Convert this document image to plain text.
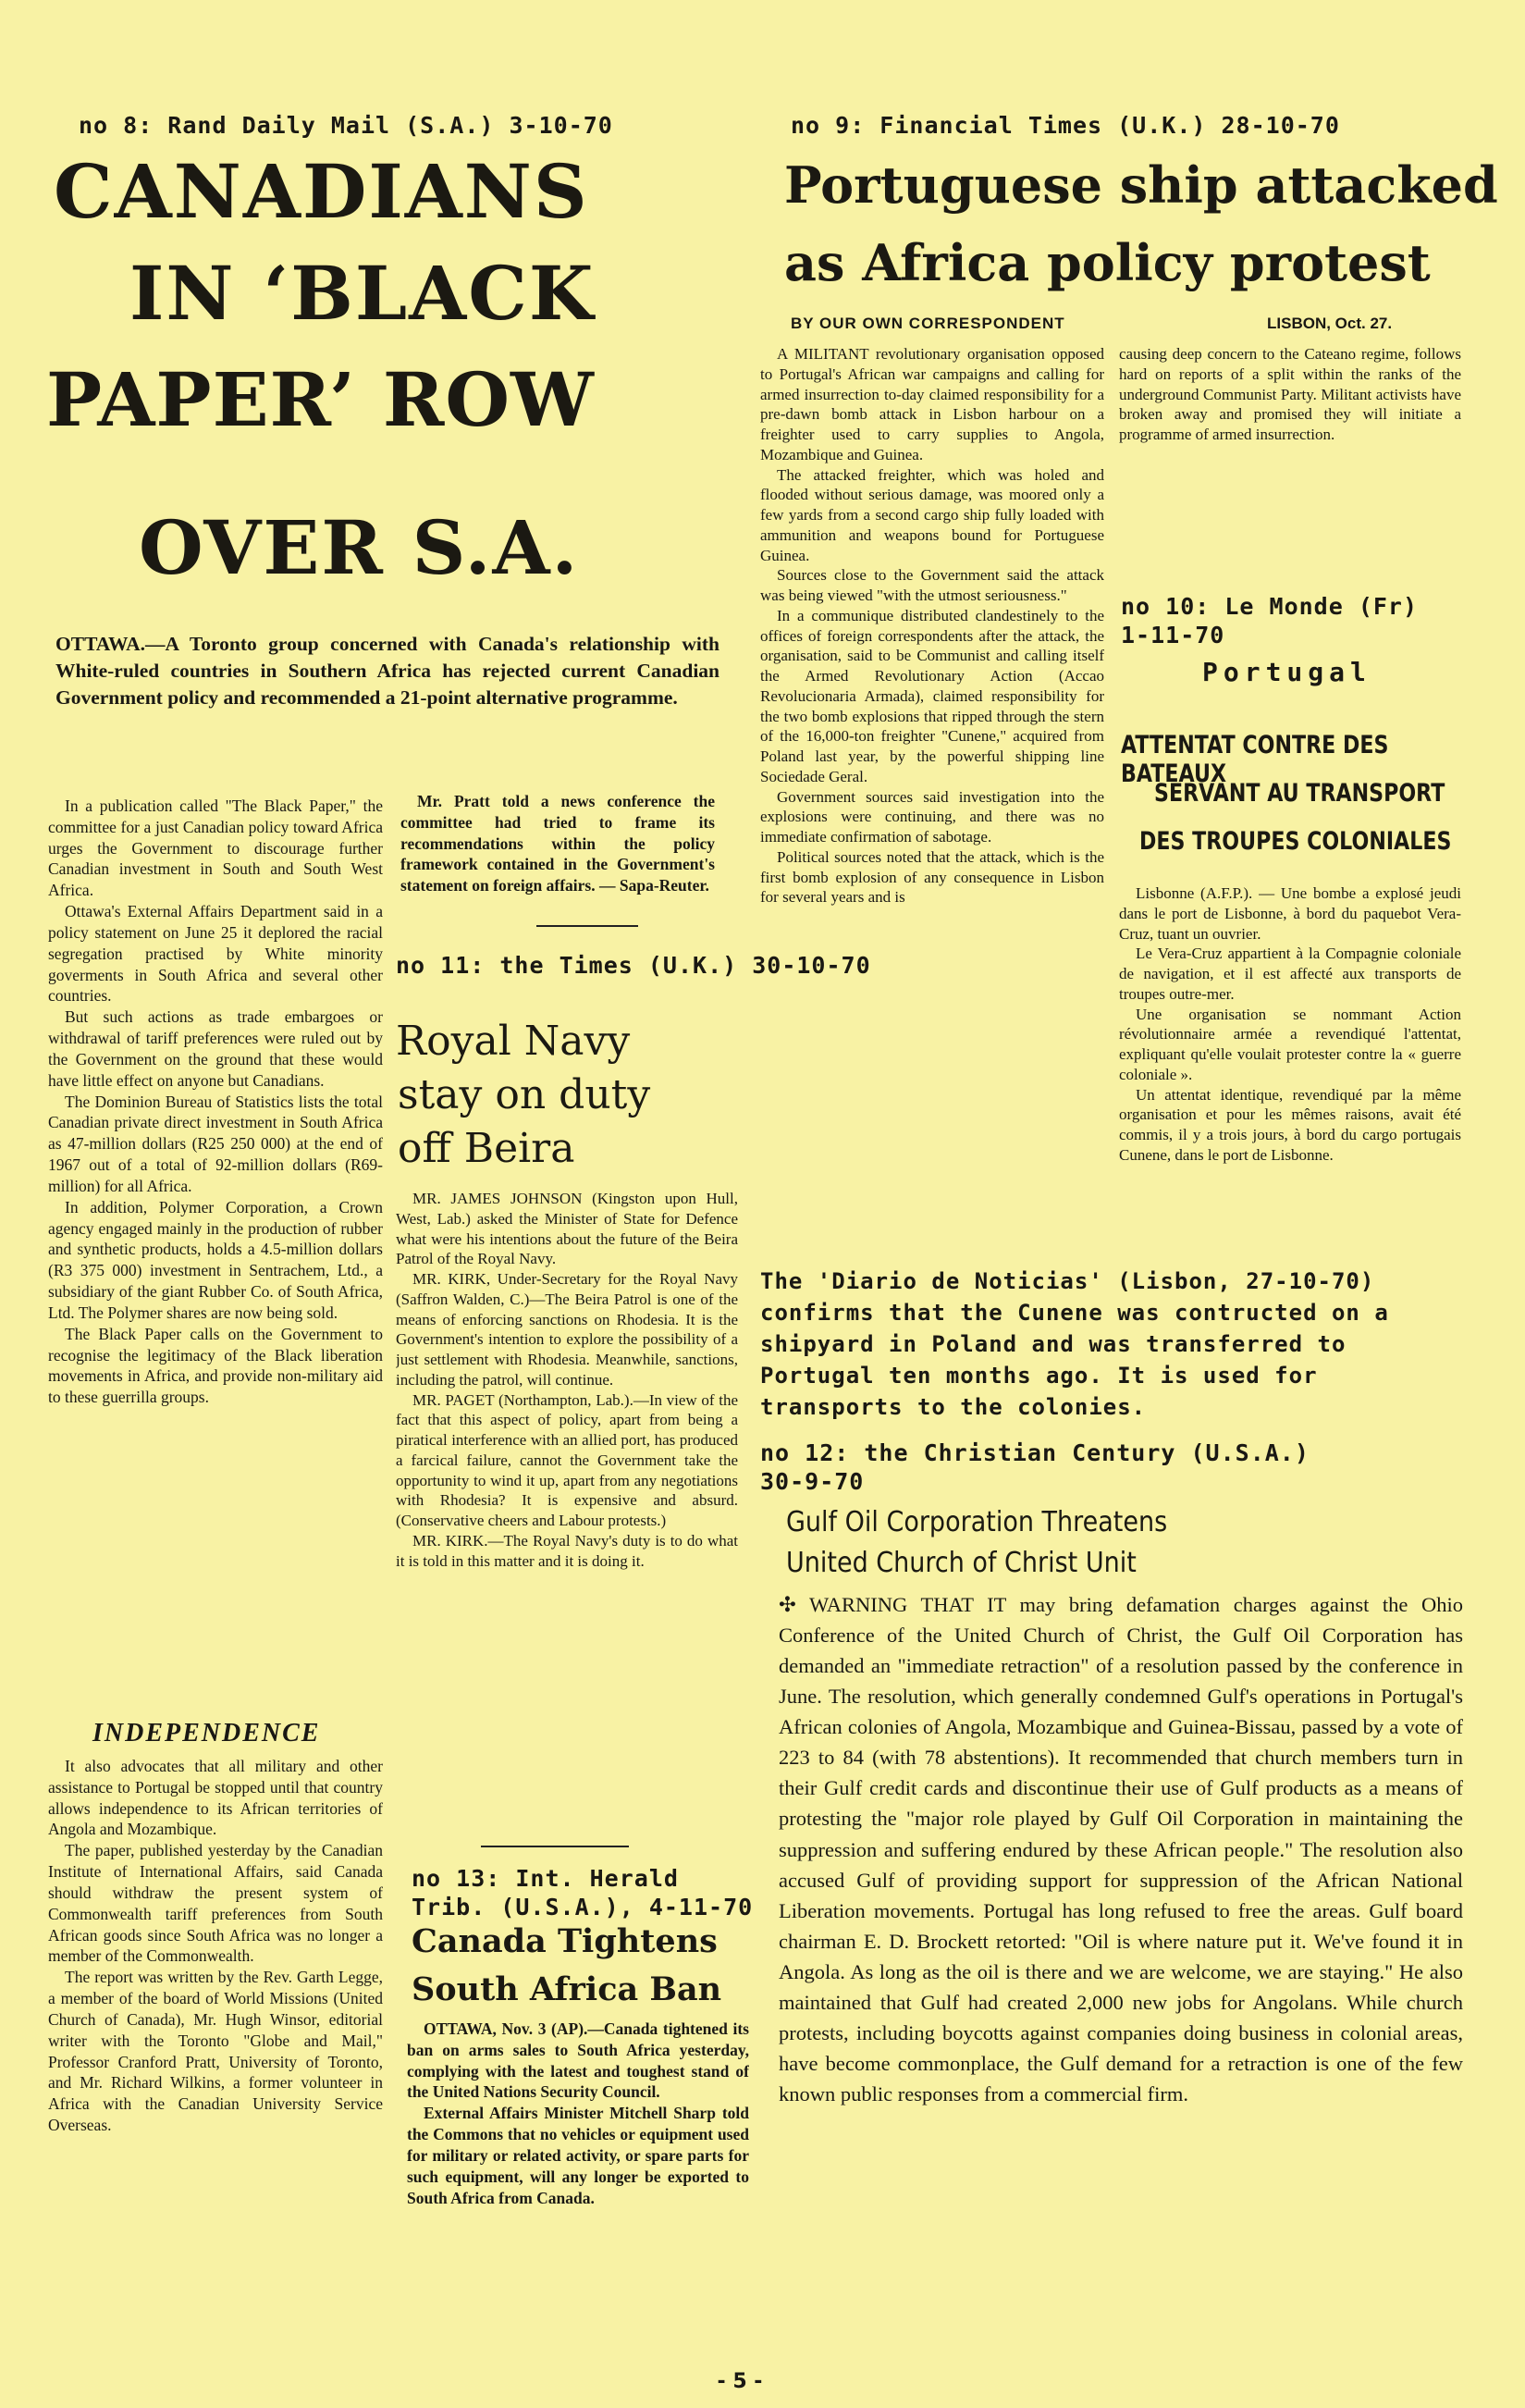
no 8: Rand Daily Mail (S.A.) 3-10-70
CANADIANS
IN ‘BLACK
PAPER’ ROW
OVER S.A.
OTTAWA.—A Toronto group concerned with Canada's relationship with White-ruled countries in Southern Africa has rejected current Canadian Government policy and recommended a 21-point alternative programme.

In a publication called "The Black Paper," the committee for a just Canadian policy toward Africa urges the Government to discourage further Canadian investment in South and South West Africa.

Ottawa's External Affairs Department said in a policy statement on June 25 it deplored the racial segregation practised by White minority goverments in South Africa and several other countries.

But such actions as trade embargoes or withdrawal of tariff preferences were ruled out by the Government on the ground that these would have little effect on anyone but Canadians.

The Dominion Bureau of Statistics lists the total Canadian private direct investment in South Africa as 47-million dollars (R25 250 000) at the end of 1967 out of a total of 92-million dollars (R69-million) for all Africa.

In addition, Polymer Corporation, a Crown agency engaged mainly in the production of rubber and synthetic products, holds a 4.5-million dollars (R3 375 000) investment in Sentrachem, Ltd., a subsidiary of the giant Rubber Co. of South Africa, Ltd. The Polymer shares are now being sold.

The Black Paper calls on the Government to recognise the legitimacy of the Black liberation movements in Africa, and provide non-military aid to these guerrilla groups.

INDEPENDENCE

It also advocates that all military and other assistance to Portugal be stopped until that country allows independence to its African territories of Angola and Mozambique.

The paper, published yesterday by the Canadian Institute of International Affairs, said Canada should withdraw the present system of Commonwealth tariff preferences from South African goods since South Africa was no longer a member of the Commonwealth.

The report was written by the Rev. Garth Legge, a member of the board of World Missions (United Church of Canada), Mr. Hugh Winsor, editorial writer with the Toronto "Globe and Mail," Professor Cranford Pratt, University of Toronto, and Mr. Richard Wilkins, a former volunteer in Africa with the Canadian University Service Overseas.

Mr. Pratt told a news conference the committee had tried to frame its recommendations within the policy framework contained in the Government's statement on foreign affairs. — Sapa-Reuter.

no 11: the Times (U.K.) 30-10-70
Royal Navy
stay on duty
off Beira

MR. JAMES JOHNSON (Kingston upon Hull, West, Lab.) asked the Minister of State for Defence what were his intentions about the future of the Beira Patrol of the Royal Navy.

MR. KIRK, Under-Secretary for the Royal Navy (Saffron Walden, C.)—The Beira Patrol is one of the means of enforcing sanctions on Rhodesia. It is the Government's intention to explore the possibility of a just settlement with Rhodesia. Meanwhile, sanctions, including the patrol, will continue.

MR. PAGET (Northampton, Lab.).—In view of the fact that this aspect of policy, apart from being a piratical interference with an allied port, has produced a farcical failure, cannot the Government take the opportunity to wind it up, apart from any negotiations with Rhodesia? It is expensive and absurd. (Conservative cheers and Labour protests.)

MR. KIRK.—The Royal Navy's duty is to do what it is told in this matter and it is doing it.

no 13: Int. Herald Trib. (U.S.A.), 4-11-70
Canada Tightens
South Africa Ban

OTTAWA, Nov. 3 (AP).—Canada tightened its ban on arms sales to South Africa yesterday, complying with the latest and toughest stand of the United Nations Security Council.

External Affairs Minister Mitchell Sharp told the Commons that no vehicles or equipment used for military or related activity, or spare parts for such equipment, will any longer be exported to South Africa from Canada.

no 9: Financial Times (U.K.) 28-10-70
Portuguese ship attacked
as Africa policy protest
BY OUR OWN CORRESPONDENT	LISBON, Oct. 27.

A MILITANT revolutionary organisation opposed to Portugal's African war campaigns and calling for armed insurrection to-day claimed responsibility for a pre-dawn bomb attack in Lisbon harbour on a freighter used to carry supplies to Angola, Mozambique and Guinea.

The attacked freighter, which was holed and flooded without serious damage, was moored only a few yards from a second cargo ship fully loaded with ammunition and weapons bound for Portuguese Guinea.

Sources close to the Government said the attack was being viewed "with the utmost seriousness."

In a communique distributed clandestinely to the offices of foreign correspondents after the attack, the organisation, said to be Communist and calling itself the Armed Revolutionary Action (Accao Revolucionaria Armada), claimed responsibility for the two bomb explosions that ripped through the stern of the 16,000-ton freighter "Cunene," acquired from Poland last year, by the powerful shipping line Sociedade Geral.

Government sources said investigation into the explosions were continuing, and there was no immediate confirmation of sabotage.

Political sources noted that the attack, which is the first bomb explosion of any consequence in Lisbon for several years and is

causing deep concern to the Cateano regime, follows hard on reports of a split within the ranks of the underground Communist Party. Militant activists have broken away and promised they will initiate a programme of armed insurrection.

no 10: Le Monde (Fr) 1-11-70
Portugal
ATTENTAT CONTRE DES BATEAUX
SERVANT AU TRANSPORT
DES TROUPES COLONIALES

Lisbonne (A.F.P.). — Une bombe a explosé jeudi dans le port de Lisbonne, à bord du paquebot Vera-Cruz, tuant un ouvrier.

Le Vera-Cruz appartient à la Compagnie coloniale de navigation, et il est affecté aux transports de troupes outre-mer.

Une organisation se nommant Action révolutionnaire armée a revendiqué l'attentat, expliquant qu'elle voulait protester contre la « guerre coloniale ».

Un attentat identique, revendiqué par la même organisation et pour les mêmes raisons, avait été commis, il y a trois jours, à bord du cargo portugais Cunene, dans le port de Lisbonne.

The 'Diario de Noticias' (Lisbon, 27-10-70) confirms that the Cunene was contructed on a shipyard in Poland and was transferred to Portugal ten months ago. It is used for transports to the colonies.
no 12: the Christian Century (U.S.A.) 30-9-70
Gulf Oil Corporation Threatens
United Church of Christ Unit

✣ WARNING THAT IT may bring defamation charges against the Ohio Conference of the United Church of Christ, the Gulf Oil Corporation has demanded an "immediate retraction" of a resolution passed by the conference in June. The resolution, which generally condemned Gulf's operations in Portugal's African colonies of Angola, Mozambique and Guinea-Bissau, passed by a vote of 223 to 84 (with 78 abstentions). It recommended that church members turn in their Gulf credit cards and discontinue their use of Gulf products as a means of protesting the "major role played by Gulf Oil Corporation in maintaining the suppression and suffering endured by these African people." The resolution also accused Gulf of providing support for suppression of the African National Liberation movements. Portugal has long refused to free the areas. Gulf board chairman E. D. Brockett retorted: "Oil is where nature put it. We've found it in Angola. As long as the oil is there and we are welcome, we are staying." He also maintained that Gulf had created 2,000 new jobs for Angolans. While church protests, including boycotts against companies doing business in colonial areas, have become commonplace, the Gulf demand for a retraction is one of the few known public responses from a commercial firm.

- 5 -
